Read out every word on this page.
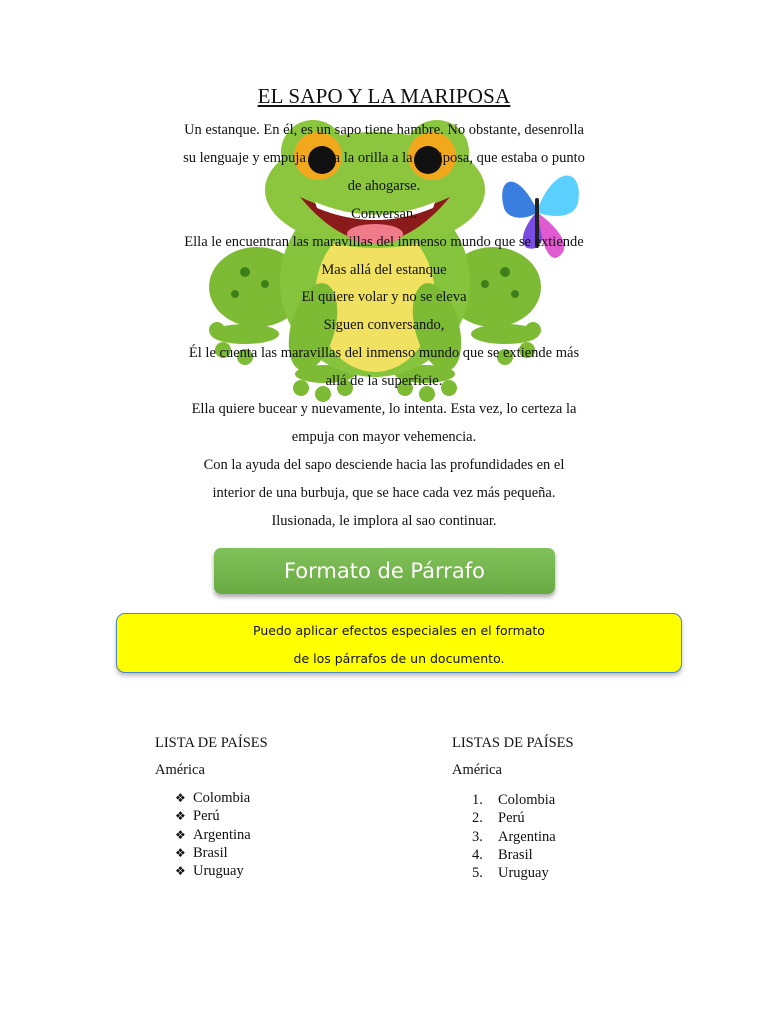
EL SAPO Y LA MARIPOSA

Un estanque. En él, es un sapo tiene hambre. No obstante, desenrolla

su lenguaje y empuja hacia la orilla a la mariposa, que estaba o punto

de ahogarse.

Conversan.

Ella le encuentran las maravillas del inmenso mundo que se extiende

Mas allá del estanque

El quiere volar y no se eleva

Siguen conversando,

Él le cuenta las maravillas del inmenso mundo que se extiende más

allá de la superficie.

Ella quiere bucear y nuevamente, lo intenta. Esta vez, lo certeza la

empuja con mayor vehemencia.

Con la ayuda del sapo desciende hacia las profundidades en el

interior de una burbuja, que se hace cada vez más pequeña.

Ilusionada, le implora al sao continuar.

Formato de Párrafo
Puedo aplicar efectos especiales en el formato
de los párrafos de un documento.
LISTA DE PAÍSES
América
❖ Colombia
❖ Perú
❖ Argentina
❖ Brasil
❖ Uruguay
LISTAS DE PAÍSES
América
1. Colombia
2. Perú
3. Argentina
4. Brasil
5. Uruguay
